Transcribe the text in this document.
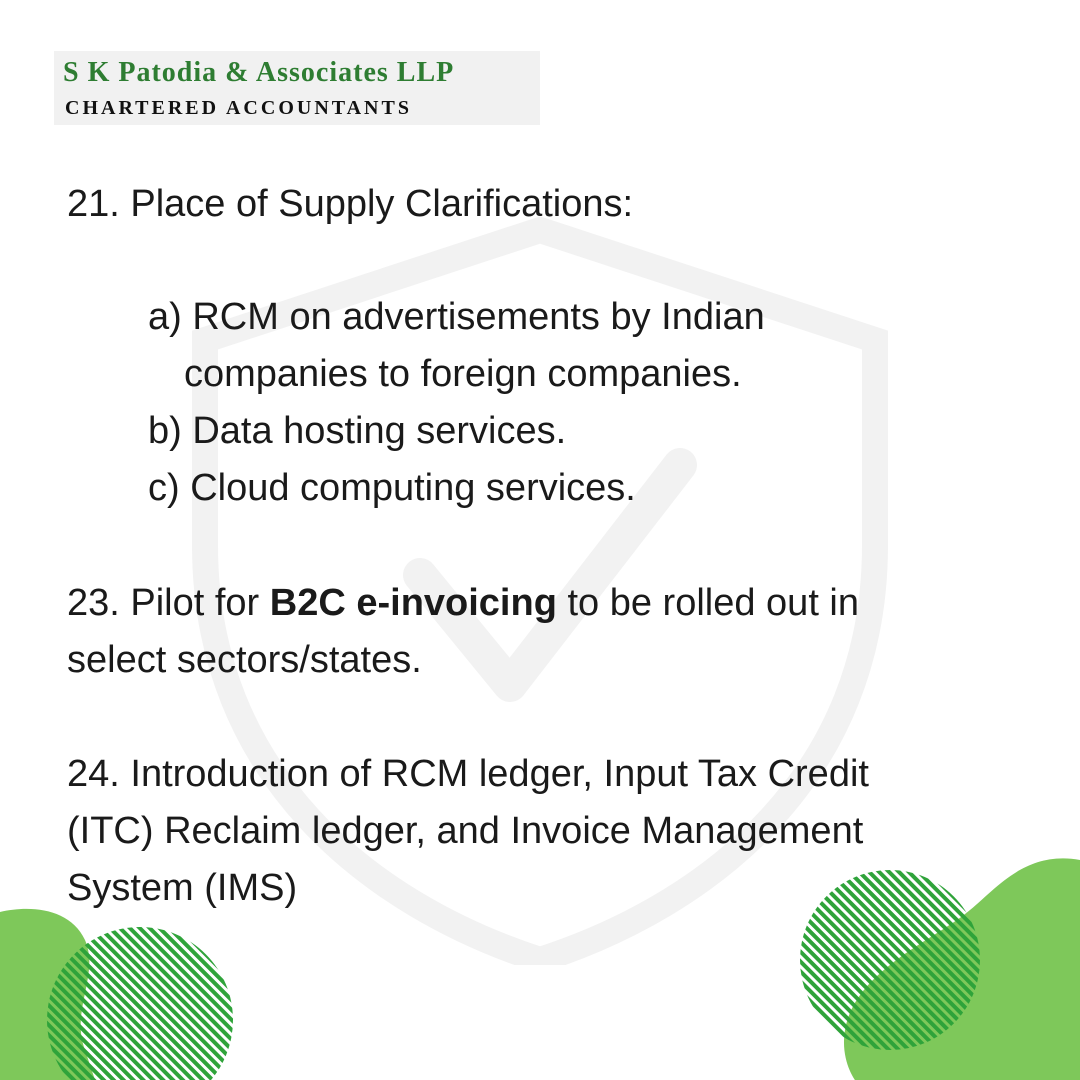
S K Patodia & Associates LLP
CHARTERED ACCOUNTANTS
21. Place of Supply Clarifications:
a) RCM on advertisements by Indian
companies to foreign companies.
b) Data hosting services.
c) Cloud computing services.
23. Pilot for B2C e-invoicing to be rolled out in
select sectors/states.
24. Introduction of RCM ledger, Input Tax Credit
(ITC) Reclaim ledger, and Invoice Management
System (IMS)
